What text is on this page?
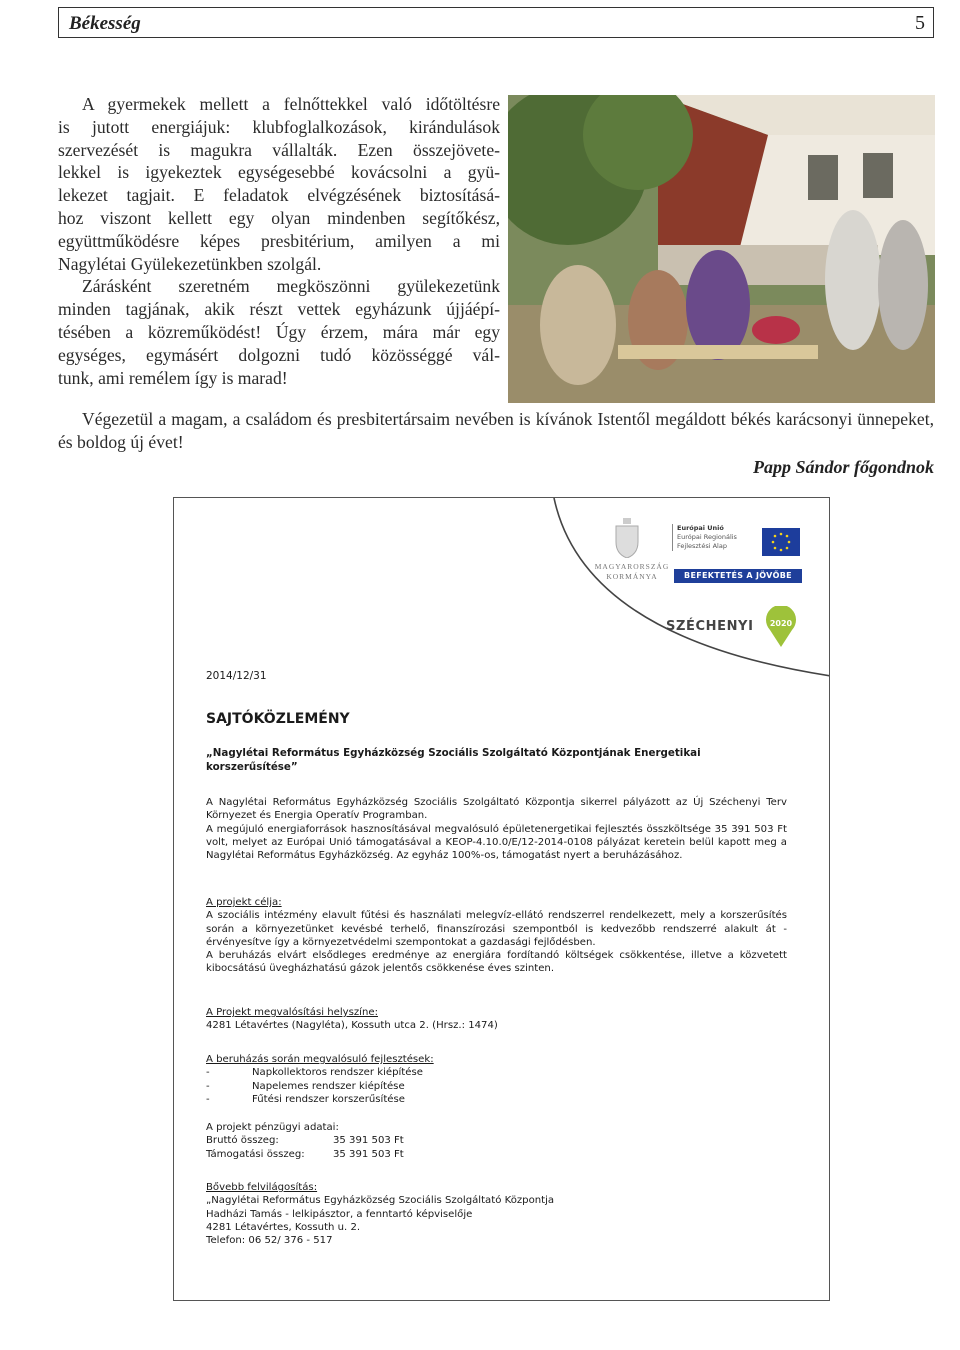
Békesség	5
A gyermekek mellett a felnőttekkel való időtöltésre
is jutott energiájuk: klubfoglalkozások, kirándulások
szervezését is magukra vállalták. Ezen összejövete-
lekkel is igyekeztek egységesebbé kovácsolni a gyü-
lekezet tagjait. E feladatok elvégzésének biztosításá-
hoz viszont kellett egy olyan mindenben segítőkész,
együttműködésre képes presbitérium, amilyen a mi
Nagylétai Gyülekezetünkben szolgál.
Zárásként szeretném megköszönni gyülekezetünk
minden tagjának, akik részt vettek egyházunk újjáépí-
tésében a közreműködést! Úgy érzem, mára már egy
egységes, egymásért dolgozni tudó közösséggé vál-
tunk, ami remélem így is marad!
Végezetül a magam, a családom és presbitertársaim nevében is kívánok Istentől megáldott békés karácsonyi ünnepeket, és boldog új évet!
Papp Sándor főgondnok
MAGYARORSZÁG KORMÁNYA
Európai Unió
Európai Regionális
Fejlesztési Alap
BEFEKTETÉS A JÖVŐBE
SZÉCHENYI 2020
2014/12/31
SAJTÓKÖZLEMÉNY
„Nagylétai Református Egyházközség Szociális Szolgáltató Központjának Energetikai korszerűsítése”
A Nagylétai Református Egyházközség Szociális Szolgáltató Központja sikerrel pályázott az Új Széchenyi Terv Környezet és Energia Operatív Programban.
A megújuló energiaforrások hasznosításával megvalósuló épületenergetikai fejlesztés összköltsége 35 391 503 Ft volt, melyet az Európai Unió támogatásával a KEOP-4.10.0/E/12-2014-0108 pályázat keretein belül kapott meg a Nagylétai Református Egyházközség. Az egyház 100%-os, támogatást nyert a beruházásához.
A projekt célja:
A szociális intézmény elavult fűtési és használati melegvíz-ellátó rendszerrel rendelkezett, mely a korszerűsítés során a környezetünket kevésbé terhelő, finanszírozási szempontból is kedvezőbb rendszerré alakult át - érvényesítve így a környezetvédelmi szempontokat a gazdasági fejlődésben.
A beruházás elvárt elsődleges eredménye az energiára fordítandó költségek csökkentése, illetve a közvetett kibocsátású üvegházhatású gázok jelentős csökkenése éves szinten.
A Projekt megvalósítási helyszíne:
4281 Létavértes (Nagyléta), Kossuth utca 2. (Hrsz.: 1474)
A beruházás során megvalósuló fejlesztések:
-	Napkollektoros rendszer kiépítése
-	Napelemes rendszer kiépítése
-	Fűtési rendszer korszerűsítése
A projekt pénzügyi adatai:
Bruttó összeg:	35 391 503 Ft
Támogatási összeg:	35 391 503 Ft
Bővebb felvilágosítás:
„Nagylétai Református Egyházközség Szociális Szolgáltató Központja
Hadházi Tamás - lelkipásztor, a fenntartó képviselője
4281 Létavértes, Kossuth u. 2.
Telefon: 06 52/ 376 - 517
